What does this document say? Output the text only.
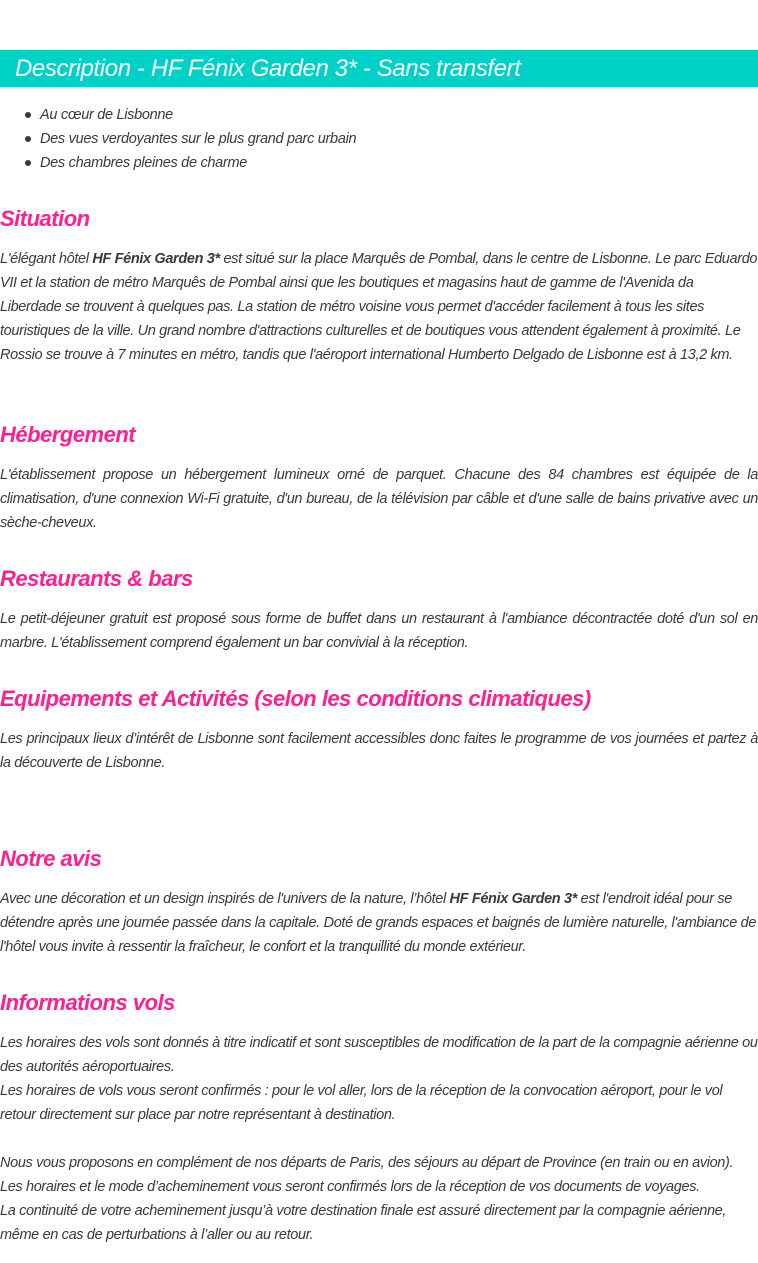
Description - HF Fénix Garden 3* - Sans transfert
Au cœur de Lisbonne
Des vues verdoyantes sur le plus grand parc urbain
Des chambres pleines de charme
Situation

L'élégant hôtel HF Fénix Garden 3* est situé sur la place Marquês de Pombal, dans le centre de Lisbonne. Le parc Eduardo VII et la station de métro Marquês de Pombal ainsi que les boutiques et magasins haut de gamme de l'Avenida da Liberdade se trouvent à quelques pas. La station de métro voisine vous permet d'accéder facilement à tous les sites touristiques de la ville. Un grand nombre d'attractions culturelles et de boutiques vous attendent également à proximité. Le Rossio se trouve à 7 minutes en métro, tandis que l'aéroport international Humberto Delgado de Lisbonne est à 13,2 km.

Hébergement

L'établissement propose un hébergement lumineux orné de parquet. Chacune des 84 chambres est équipée de la climatisation, d'une connexion Wi-Fi gratuite, d'un bureau, de la télévision par câble et d'une salle de bains privative avec un sèche-cheveux.

Restaurants & bars

Le petit-déjeuner gratuit est proposé sous forme de buffet dans un restaurant à l'ambiance décontractée doté d'un sol en marbre. L'établissement comprend également un bar convivial à la réception.

Equipements et Activités (selon les conditions climatiques)

Les principaux lieux d’intérêt de Lisbonne sont facilement accessibles donc faites le programme de vos journées et partez à la découverte de Lisbonne.

Notre avis

Avec une décoration et un design inspirés de l'univers de la nature, l’hôtel HF Fénix Garden 3* est l'endroit idéal pour se détendre après une journée passée dans la capitale. Doté de grands espaces et baignés de lumière naturelle, l'ambiance de l'hôtel vous invite à ressentir la fraîcheur, le confort et la tranquillité du monde extérieur.

Informations vols

Les horaires des vols sont donnés à titre indicatif et sont susceptibles de modification de la part de la compagnie aérienne ou des autorités aéroportuaires.

Les horaires de vols vous seront confirmés : pour le vol aller, lors de la réception de la convocation aéroport, pour le vol retour directement sur place par notre représentant à destination.

Nous vous proposons en complément de nos départs de Paris, des séjours au départ de Province (en train ou en avion).

Les horaires et le mode d’acheminement vous seront confirmés lors de la réception de vos documents de voyages.

La continuité de votre acheminement jusqu’à votre destination finale est assuré directement par la compagnie aérienne, même en cas de perturbations à l’aller ou au retour.
